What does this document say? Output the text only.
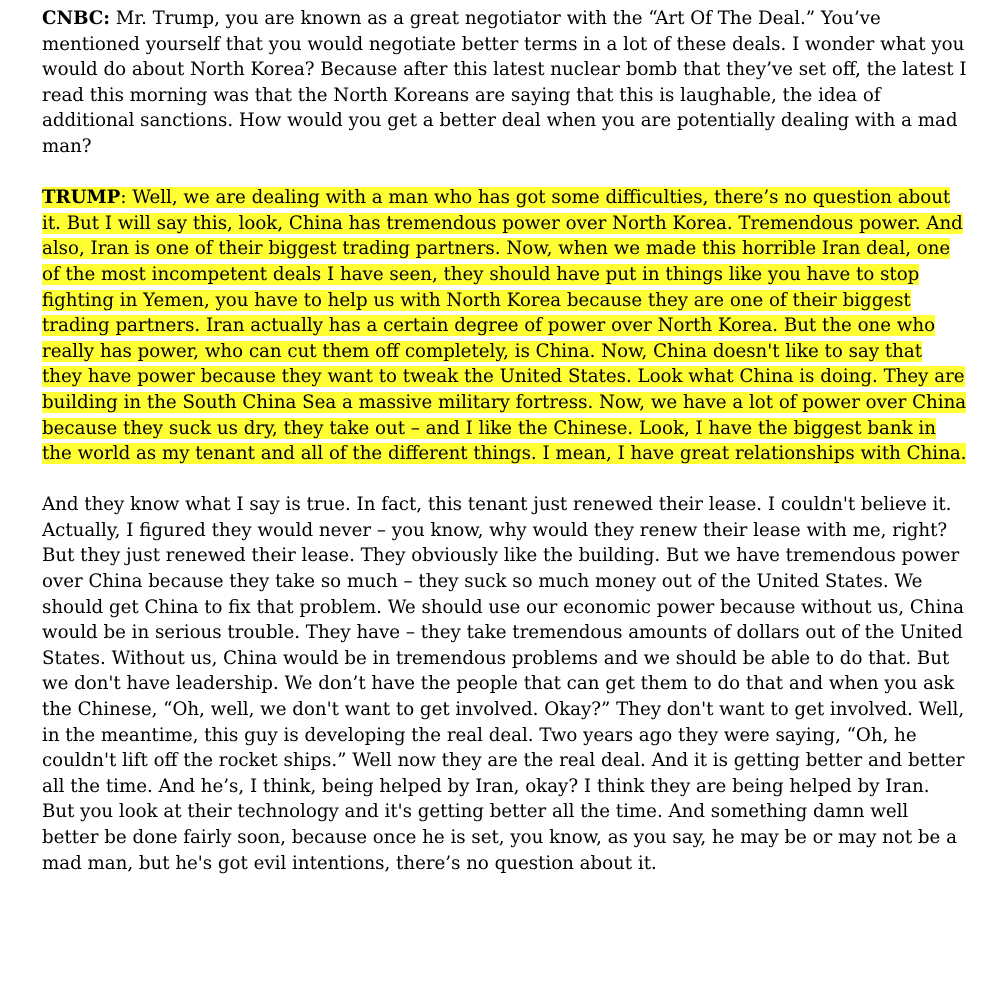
CNBC: Mr. Trump, you are known as a great negotiator with the “Art Of The Deal.” You’ve mentioned yourself that you would negotiate better terms in a lot of these deals. I wonder what you would do about North Korea? Because after this latest nuclear bomb that they’ve set off, the latest I read this morning was that the North Koreans are saying that this is laughable, the idea of additional sanctions. How would you get a better deal when you are potentially dealing with a mad man?

TRUMP: Well, we are dealing with a man who has got some difficulties, there’s no question about it. But I will say this, look, China has tremendous power over North Korea. Tremendous power. And also, Iran is one of their biggest trading partners. Now, when we made this horrible Iran deal, one of the most incompetent deals I have seen, they should have put in things like you have to stop fighting in Yemen, you have to help us with North Korea because they are one of their biggest trading partners. Iran actually has a certain degree of power over North Korea. But the one who really has power, who can cut them off completely, is China. Now, China doesn't like to say that they have power because they want to tweak the United States. Look what China is doing. They are building in the South China Sea a massive military fortress. Now, we have a lot of power over China because they suck us dry, they take out – and I like the Chinese. Look, I have the biggest bank in the world as my tenant and all of the different things. I mean, I have great relationships with China.

And they know what I say is true. In fact, this tenant just renewed their lease. I couldn't believe it. Actually, I figured they would never – you know, why would they renew their lease with me, right? But they just renewed their lease. They obviously like the building. But we have tremendous power over China because they take so much – they suck so much money out of the United States. We should get China to fix that problem. We should use our economic power because without us, China would be in serious trouble. They have – they take tremendous amounts of dollars out of the United States. Without us, China would be in tremendous problems and we should be able to do that. But we don't have leadership. We don’t have the people that can get them to do that and when you ask the Chinese, “Oh, well, we don't want to get involved. Okay?” They don't want to get involved. Well, in the meantime, this guy is developing the real deal. Two years ago they were saying, “Oh, he couldn't lift off the rocket ships.” Well now they are the real deal. And it is getting better and better all the time. And he’s, I think, being helped by Iran, okay? I think they are being helped by Iran. But you look at their technology and it's getting better all the time. And something damn well better be done fairly soon, because once he is set, you know, as you say, he may be or may not be a mad man, but he's got evil intentions, there’s no question about it.
